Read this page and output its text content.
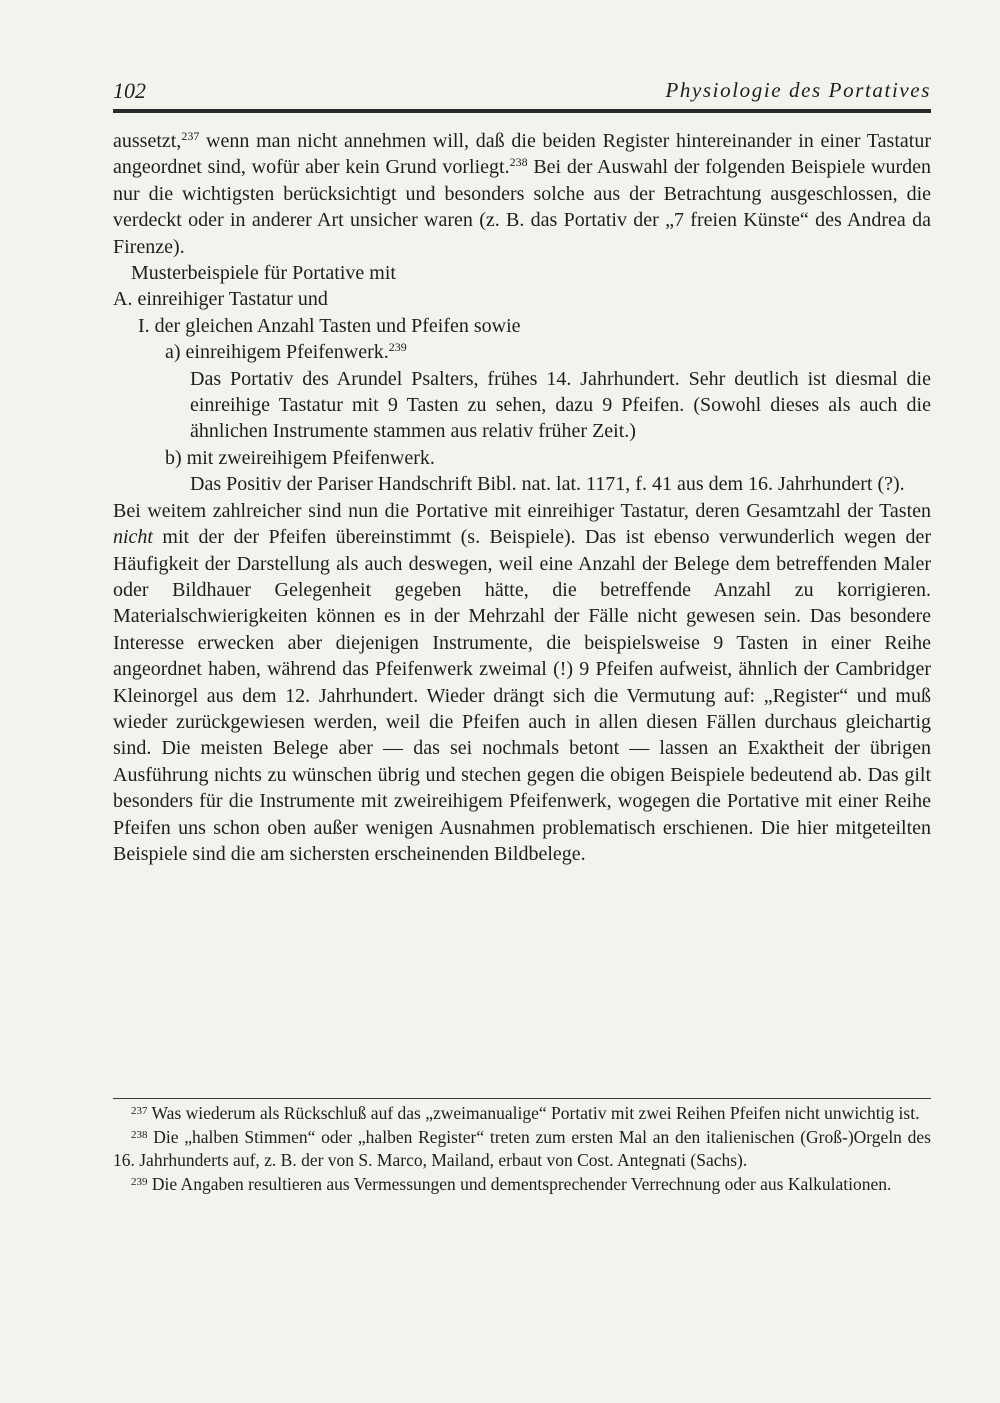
102	Physiologie des Portatives

aussetzt,$^{237}$ wenn man nicht annehmen will, daß die beiden Register hintereinander in einer Tastatur angeordnet sind, wofür aber kein Grund vorliegt.$^{238}$ Bei der Auswahl der folgenden Beispiele wurden nur die wichtigsten berücksichtigt und besonders solche aus der Betrachtung ausgeschlossen, die verdeckt oder in anderer Art unsicher waren (z. B. das Portativ der „7 freien Künste“ des Andrea da Firenze).

Musterbeispiele für Portative mit

A. einreihiger Tastatur und

I. der gleichen Anzahl Tasten und Pfeifen sowie

a) einreihigem Pfeifenwerk.$^{239}$

Das Portativ des Arundel Psalters, frühes 14. Jahrhundert. Sehr deutlich ist diesmal die einreihige Tastatur mit 9 Tasten zu sehen, dazu 9 Pfeifen. (Sowohl dieses als auch die ähnlichen Instrumente stammen aus relativ früher Zeit.)

b) mit zweireihigem Pfeifenwerk.

Das Positiv der Pariser Handschrift Bibl. nat. lat. 1171, f. 41 aus dem 16. Jahrhundert (?).

Bei weitem zahlreicher sind nun die Portative mit einreihiger Tastatur, deren Gesamtzahl der Tasten nicht mit der der Pfeifen übereinstimmt (s. Beispiele). Das ist ebenso verwunderlich wegen der Häufigkeit der Darstellung als auch deswegen, weil eine Anzahl der Belege dem betreffenden Maler oder Bildhauer Gelegenheit gegeben hätte, die betreffende Anzahl zu korrigieren. Materialschwierigkeiten können es in der Mehrzahl der Fälle nicht gewesen sein. Das besondere Interesse erwecken aber diejenigen Instrumente, die beispielsweise 9 Tasten in einer Reihe angeordnet haben, während das Pfeifenwerk zweimal (!) 9 Pfeifen aufweist, ähnlich der Cambridger Kleinorgel aus dem 12. Jahrhundert. Wieder drängt sich die Vermutung auf: „Register“ und muß wieder zurückgewiesen werden, weil die Pfeifen auch in allen diesen Fällen durchaus gleichartig sind. Die meisten Belege aber — das sei nochmals betont — lassen an Exaktheit der übrigen Ausführung nichts zu wünschen übrig und stechen gegen die obigen Beispiele bedeutend ab. Das gilt besonders für die Instrumente mit zweireihigem Pfeifenwerk, wogegen die Portative mit einer Reihe Pfeifen uns schon oben außer wenigen Ausnahmen problematisch erschienen. Die hier mitgeteilten Beispiele sind die am sichersten erscheinenden Bildbelege.

$^{237}$ Was wiederum als Rückschluß auf das „zweimanualige“ Portativ mit zwei Reihen Pfeifen nicht unwichtig ist.

$^{238}$ Die „halben Stimmen“ oder „halben Register“ treten zum ersten Mal an den italienischen (Groß-)Orgeln des 16. Jahrhunderts auf, z. B. der von S. Marco, Mailand, erbaut von Cost. Antegnati (Sachs).

$^{239}$ Die Angaben resultieren aus Vermessungen und dementsprechender Verrechnung oder aus Kalkulationen.
